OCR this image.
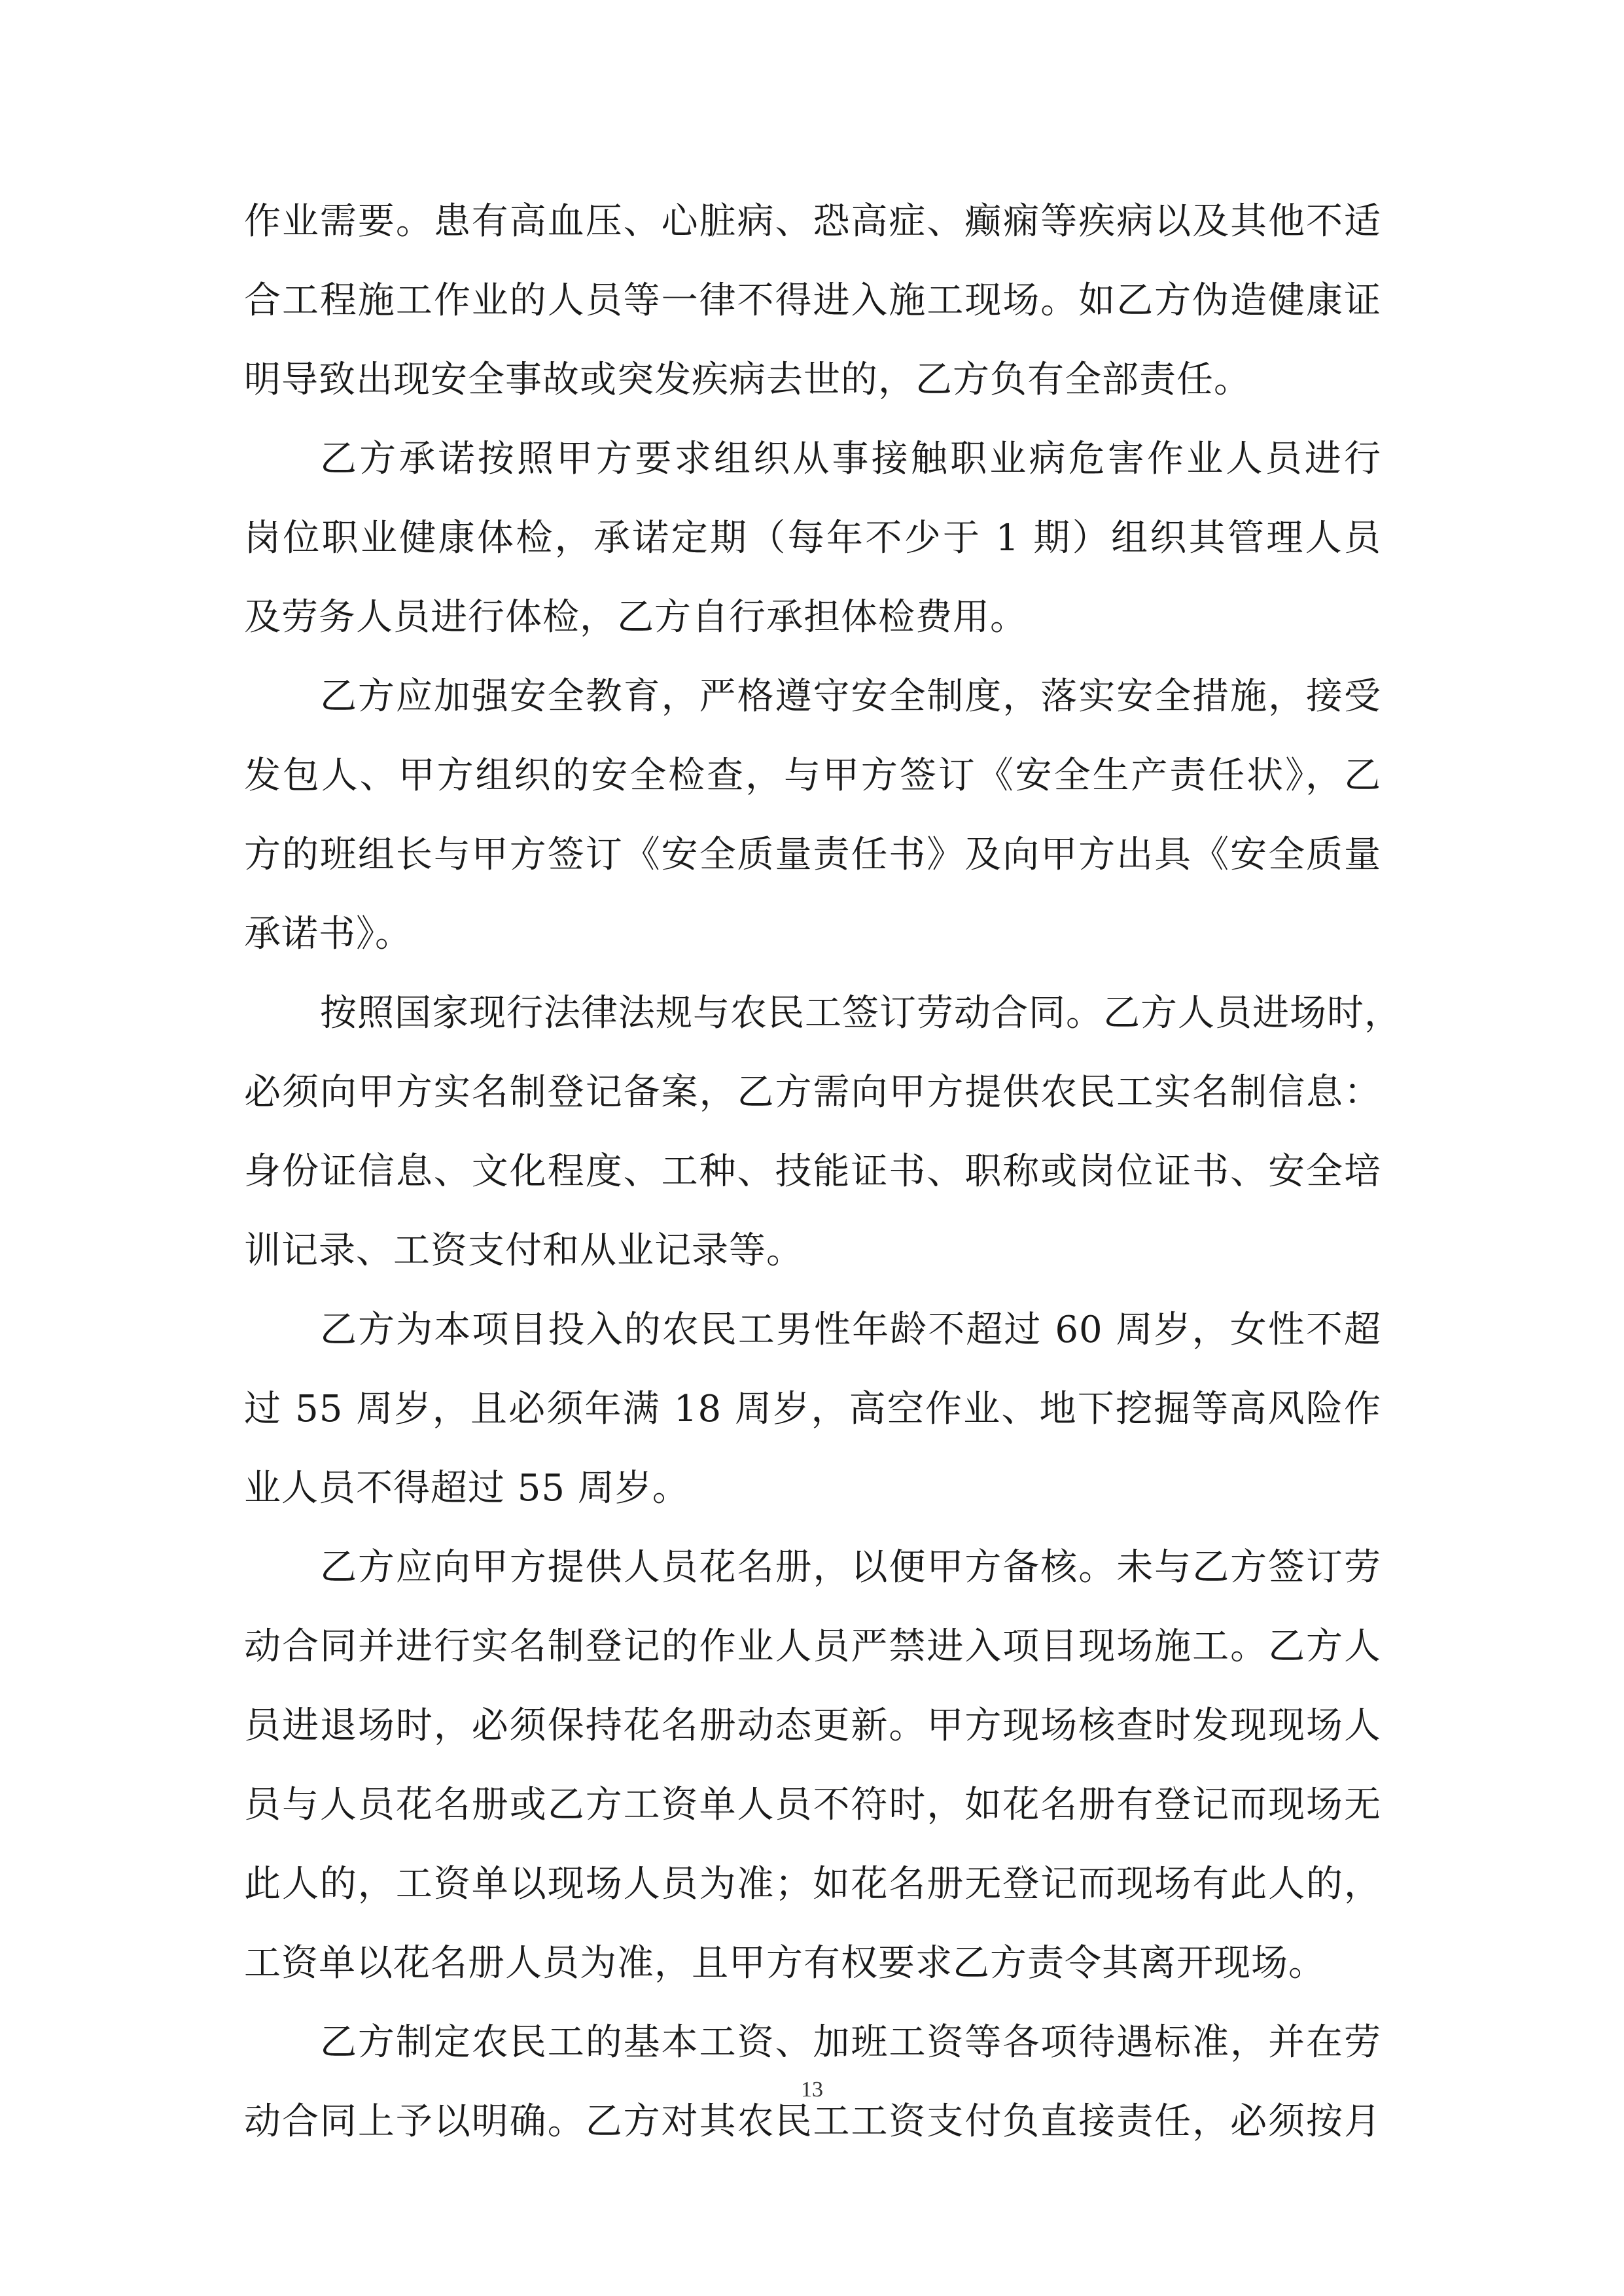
作业需要。患有高血压、心脏病、恐高症、癫痫等疾病以及其他不适
合工程施工作业的人员等一律不得进入施工现场。如乙方伪造健康证
明导致出现安全事故或突发疾病去世的，乙方负有全部责任。
乙方承诺按照甲方要求组织从事接触职业病危害作业人员进行
岗位职业健康体检，承诺定期（每年不少于 1 期）组织其管理人员
及劳务人员进行体检，乙方自行承担体检费用。
乙方应加强安全教育，严格遵守安全制度，落实安全措施，接受
发包人、甲方组织的安全检查，与甲方签订《安全生产责任状》，乙
方的班组长与甲方签订《安全质量责任书》及向甲方出具《安全质量
承诺书》。
按照国家现行法律法规与农民工签订劳动合同。乙方人员进场时，
必须向甲方实名制登记备案，乙方需向甲方提供农民工实名制信息：
身份证信息、文化程度、工种、技能证书、职称或岗位证书、安全培
训记录、工资支付和从业记录等。
乙方为本项目投入的农民工男性年龄不超过 60 周岁，女性不超
过 55 周岁，且必须年满 18 周岁，高空作业、地下挖掘等高风险作
业人员不得超过 55 周岁。
乙方应向甲方提供人员花名册，以便甲方备核。未与乙方签订劳
动合同并进行实名制登记的作业人员严禁进入项目现场施工。乙方人
员进退场时，必须保持花名册动态更新。甲方现场核查时发现现场人
员与人员花名册或乙方工资单人员不符时，如花名册有登记而现场无
此人的，工资单以现场人员为准；如花名册无登记而现场有此人的，
工资单以花名册人员为准，且甲方有权要求乙方责令其离开现场。
乙方制定农民工的基本工资、加班工资等各项待遇标准，并在劳
动合同上予以明确。乙方对其农民工工资支付负直接责任，必须按月
13
